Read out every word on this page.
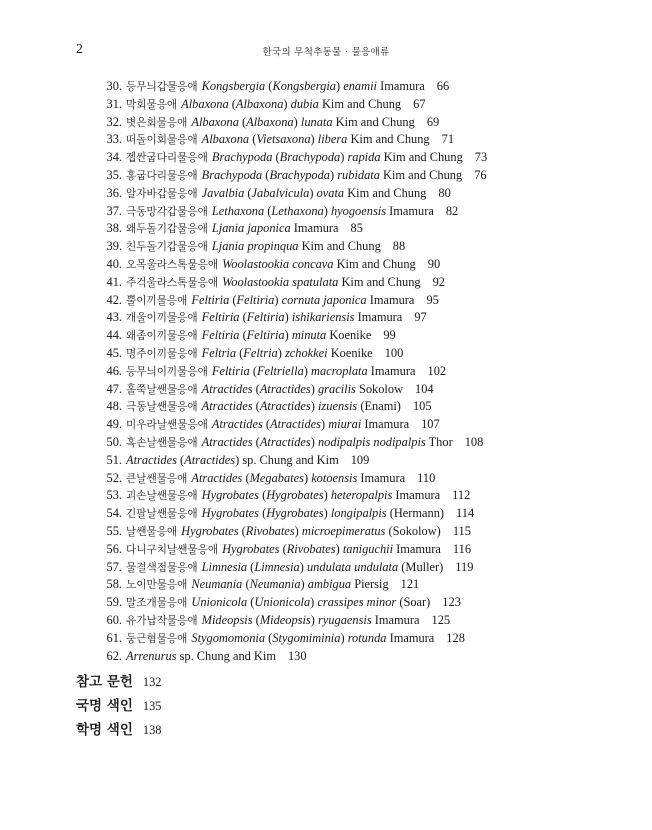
2	한국의 무척추동물 · 물응애류
30. 등무늬갑물응애 Kongsbergia (Kongsbergia) enamii Imamura 66
31. 막회물응애 Albaxona (Albaxona) dubia Kim and Chung 67
32. 볏은회물응애 Albaxona (Albaxona) lunata Kim and Chung 69
33. 떠돌이회물응애 Albaxona (Vietsaxona) libera Kim and Chung 71
34. 젭싼굽다리물응애 Brachypoda (Brachypoda) rapida Kim and Chung 73
35. 홍굽다리물응애 Brachypoda (Brachypoda) rubidata Kim and Chung 76
36. 알자바갑물응애 Javalbia (Jabalvicula) ovata Kim and Chung 80
37. 극동망각갑물응애 Lethaxona (Lethaxona) hyogoensis Imamura 82
38. 왜두돌기갑물응애 Ljania japonica Imamura 85
39. 친두돌기갑물응애 Ljania propinqua Kim and Chung 88
40. 오목울라스톡물응애 Woolastookia concava Kim and Chung 90
41. 주걱울라스톡물응애 Woolastookia spatulata Kim and Chung 92
42. 뿔이끼물응애 Feltiria (Feltiria) cornuta japonica Imamura 95
43. 개울이끼물응애 Feltiria (Feltiria) ishikariensis Imamura 97
44. 왜좀이끼물응애 Feltiria (Feltiria) minuta Koenike 99
45. 명주이끼물응애 Feltria (Feltria) zchokkei Koenike 100
46. 등무늬이끼물응애 Feltiria (Feltriella) macroplata Imamura 102
47. 홀쭉날쌘물응애 Atractides (Atractides) gracilis Sokolow 104
48. 극동날쌘물응애 Atractides (Atractides) izuensis (Enami) 105
49. 미우라날쌘물응애 Atractides (Atractides) miurai Imamura 107
50. 혹손날쌘물응애 Atractides (Atractides) nodipalpis nodipalpis Thor 108
51. Atractides (Atractides) sp. Chung and Kim 109
52. 큰날쌘물응애 Atractides (Megabates) kotoensis Imamura 110
53. 괴손날쌘물응애 Hygrobates (Hygrobates) heteropalpis Imamura 112
54. 긴팔날쌘물응애 Hygrobates (Hygrobates) longipalpis (Hermann) 114
55. 날쌘물응애 Hygrobates (Rivobates) microepimeratus (Sokolow) 115
56. 다니구치날쌘물응애 Hygrobates (Rivobates) taniguchii Imamura 116
57. 물결색점물응애 Limnesia (Limnesia) undulata undulata (Muller) 119
58. 노이만물응애 Neumania (Neumania) ambigua Piersig 121
59. 말조개물응애 Unionicola (Unionicola) crassipes minor (Soar) 123
60. 유가납작물응애 Mideopsis (Mideopsis) ryugaensis Imamura 125
61. 둥근혐물응애 Stygomomonia (Stygomiminia) rotunda Imamura 128
62. Arrenurus sp. Chung and Kim 130
참고 문헌 132
국명 색인 135
학명 색인 138
